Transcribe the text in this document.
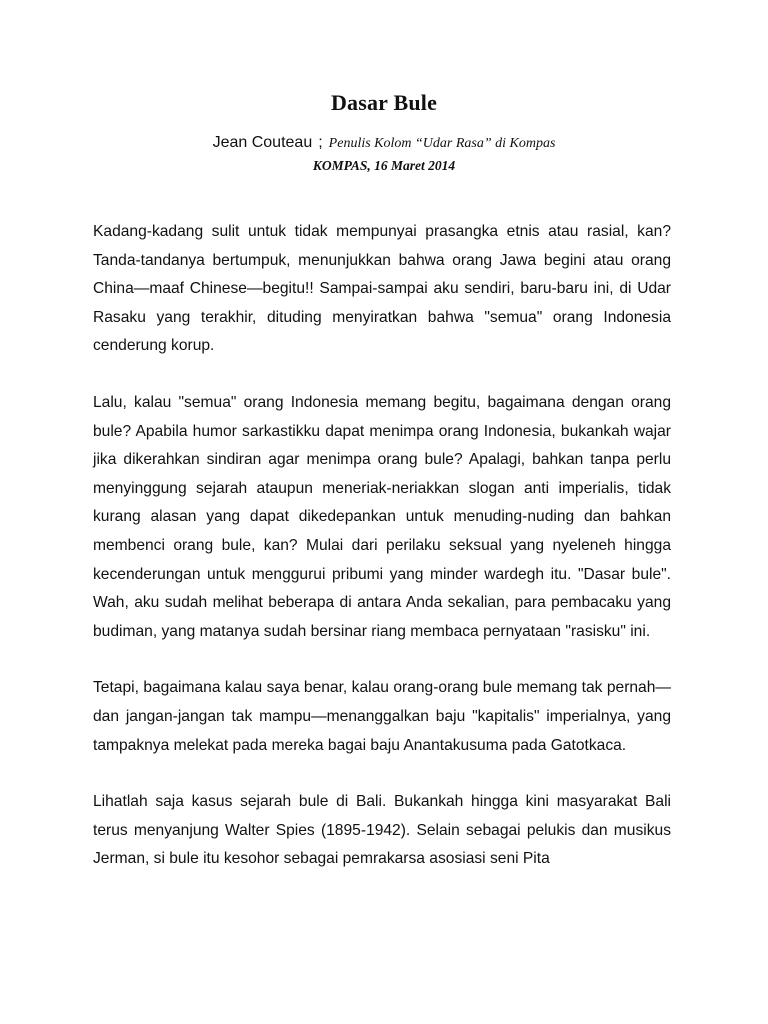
Dasar Bule
Jean Couteau ; Penulis Kolom “Udar Rasa” di Kompas
KOMPAS, 16 Maret 2014

Kadang-kadang sulit untuk tidak mempunyai prasangka etnis atau rasial, kan? Tanda-tandanya bertumpuk, menunjukkan bahwa orang Jawa begini atau orang China—maaf Chinese—begitu!! Sampai-sampai aku sendiri, baru-baru ini, di Udar Rasaku yang terakhir, dituding menyiratkan bahwa "semua" orang Indonesia cenderung korup.

Lalu, kalau "semua" orang Indonesia memang begitu, bagaimana dengan orang bule? Apabila humor sarkastikku dapat menimpa orang Indonesia, bukankah wajar jika dikerahkan sindiran agar menimpa orang bule? Apalagi, bahkan tanpa perlu menyinggung sejarah ataupun meneriak-neriakkan slogan anti imperialis, tidak kurang alasan yang dapat dikedepankan untuk menuding-nuding dan bahkan membenci orang bule, kan? Mulai dari perilaku seksual yang nyeleneh hingga kecenderungan untuk menggurui pribumi yang minder wardegh itu. "Dasar bule". Wah, aku sudah melihat beberapa di antara Anda sekalian, para pembacaku yang budiman, yang matanya sudah bersinar riang membaca pernyataan "rasisku" ini.

Tetapi, bagaimana kalau saya benar, kalau orang-orang bule memang tak pernah—dan jangan-jangan tak mampu—menanggalkan baju "kapitalis" imperialnya, yang tampaknya melekat pada mereka bagai baju Anantakusuma pada Gatotkaca.

Lihatlah saja kasus sejarah bule di Bali. Bukankah hingga kini masyarakat Bali terus menyanjung Walter Spies (1895-1942). Selain sebagai pelukis dan musikus Jerman, si bule itu kesohor sebagai pemrakarsa asosiasi seni Pita
